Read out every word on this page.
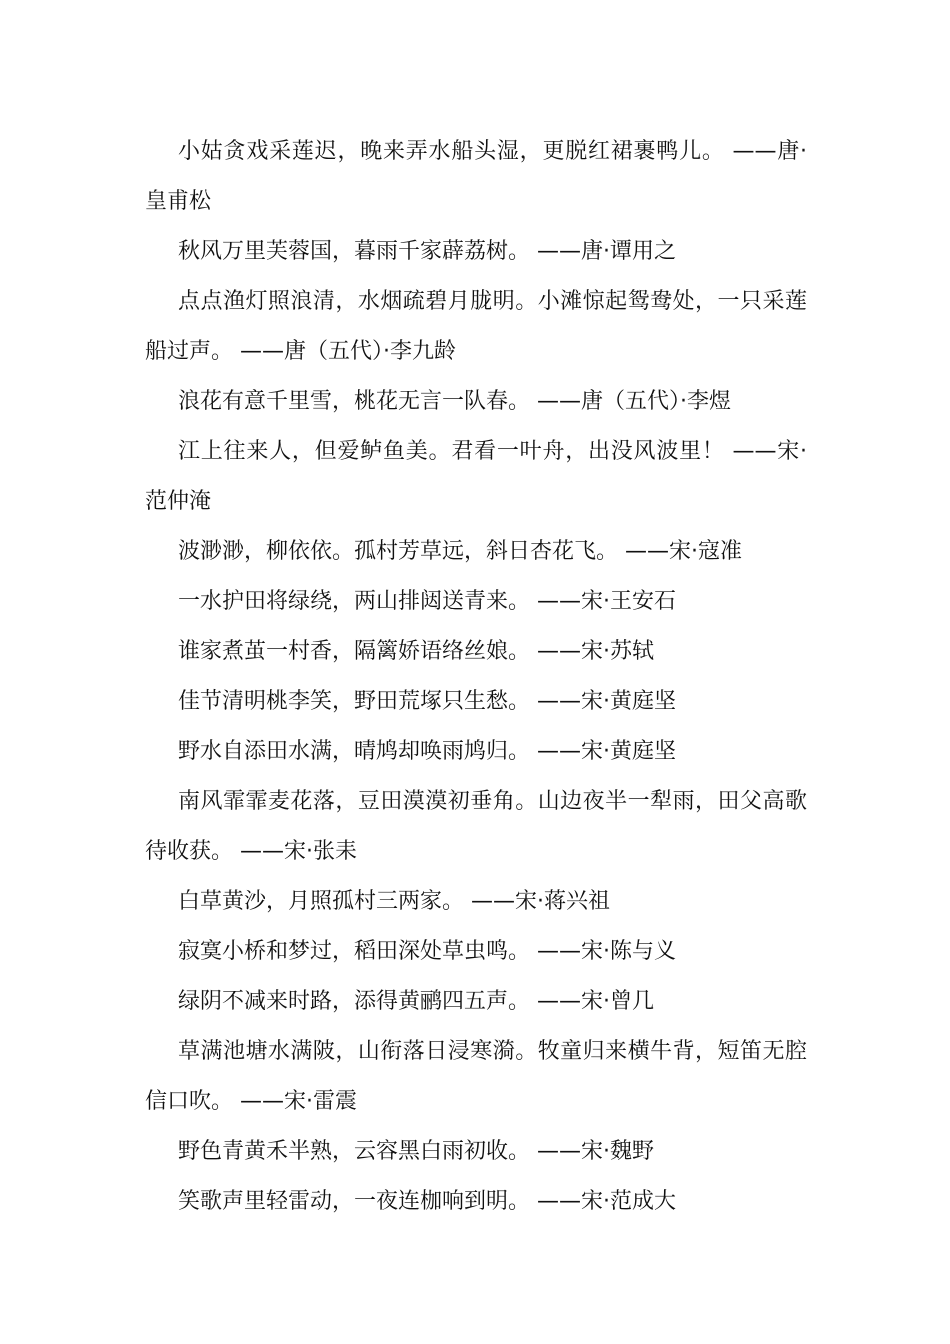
小姑贪戏采莲迟，晚来弄水船头湿，更脱红裙裹鸭儿。 ——唐·皇甫松

秋风万里芙蓉国，暮雨千家薜荔树。 ——唐·谭用之

点点渔灯照浪清，水烟疏碧月胧明。小滩惊起鸳鸯处，一只采莲船过声。 ——唐（五代）·李九龄

浪花有意千里雪，桃花无言一队春。 ——唐（五代）·李煜

江上往来人，但爱鲈鱼美。君看一叶舟，出没风波里！ ——宋·范仲淹

波渺渺，柳依依。孤村芳草远，斜日杏花飞。 ——宋·寇准

一水护田将绿绕，两山排闼送青来。 ——宋·王安石

谁家煮茧一村香，隔篱娇语络丝娘。 ——宋·苏轼

佳节清明桃李笑，野田荒塚只生愁。 ——宋·黄庭坚

野水自添田水满，晴鸠却唤雨鸠归。 ——宋·黄庭坚

南风霏霏麦花落，豆田漠漠初垂角。山边夜半一犁雨，田父高歌待收获。 ——宋·张耒

白草黄沙，月照孤村三两家。 ——宋·蒋兴祖

寂寞小桥和梦过，稻田深处草虫鸣。 ——宋·陈与义

绿阴不减来时路，添得黄鹂四五声。 ——宋·曾几

草满池塘水满陂，山衔落日浸寒漪。牧童归来横牛背，短笛无腔信口吹。 ——宋·雷震

野色青黄禾半熟，云容黑白雨初收。 ——宋·魏野

笑歌声里轻雷动，一夜连枷响到明。 ——宋·范成大
